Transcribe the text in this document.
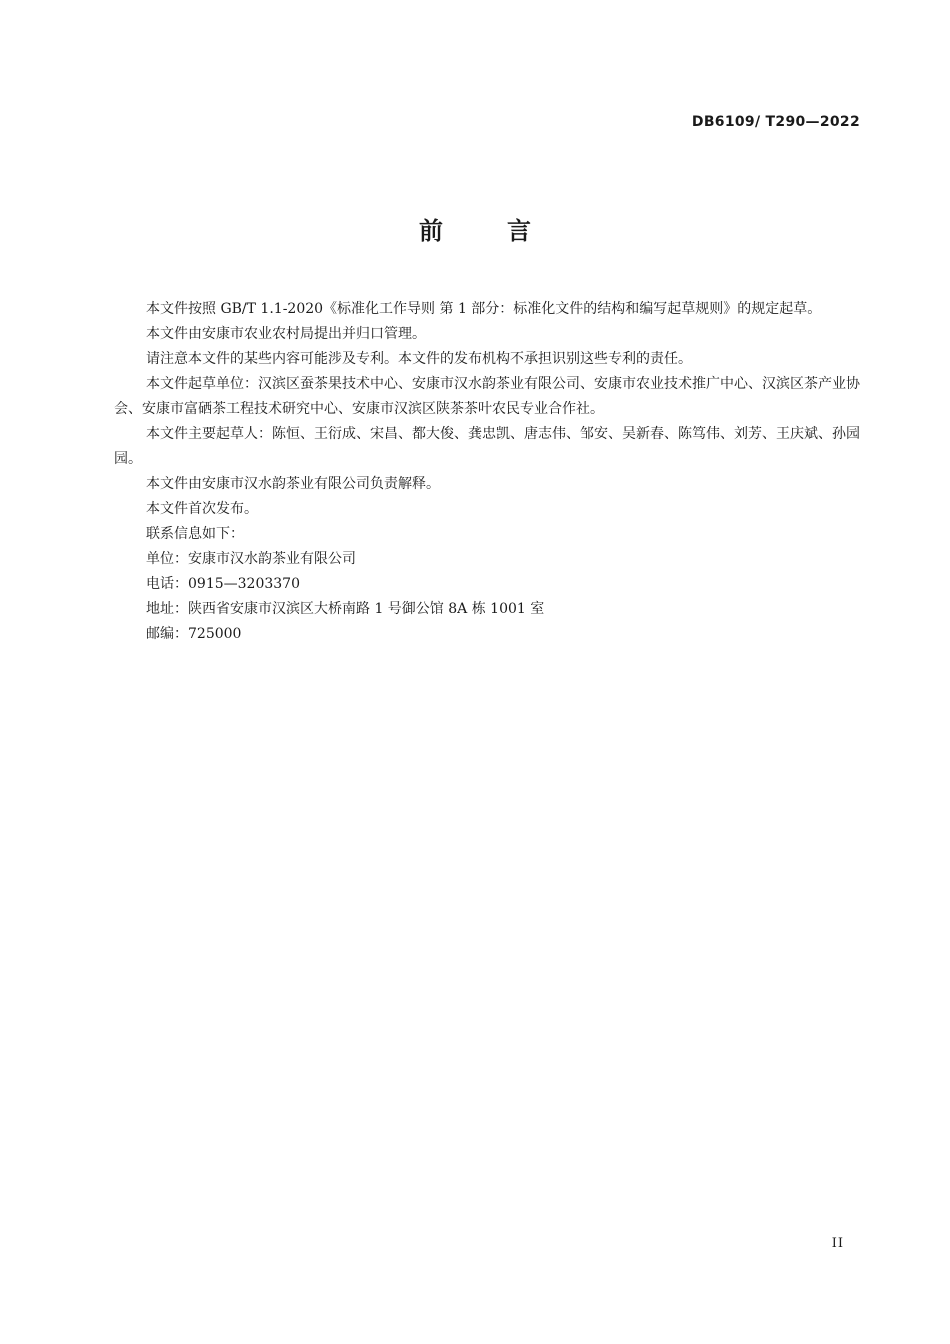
DB6109/ T290—2022
前言

本文件按照 GB/T 1.1-2020《标准化工作导则 第 1 部分：标准化文件的结构和编写起草规则》的规定起草。

本文件由安康市农业农村局提出并归口管理。

请注意本文件的某些内容可能涉及专利。本文件的发布机构不承担识别这些专利的责任。

本文件起草单位：汉滨区蚕茶果技术中心、安康市汉水韵茶业有限公司、安康市农业技术推广中心、汉滨区茶产业协会、安康市富硒茶工程技术研究中心、安康市汉滨区陕茶茶叶农民专业合作社。

本文件主要起草人：陈恒、王衍成、宋昌、都大俊、龚忠凯、唐志伟、邹安、吴新春、陈笃伟、刘芳、王庆斌、孙园园。

本文件由安康市汉水韵茶业有限公司负责解释。

本文件首次发布。

联系信息如下：

单位：安康市汉水韵茶业有限公司

电话：0915—3203370

地址：陕西省安康市汉滨区大桥南路 1 号御公馆 8A 栋 1001 室

邮编：725000

II
